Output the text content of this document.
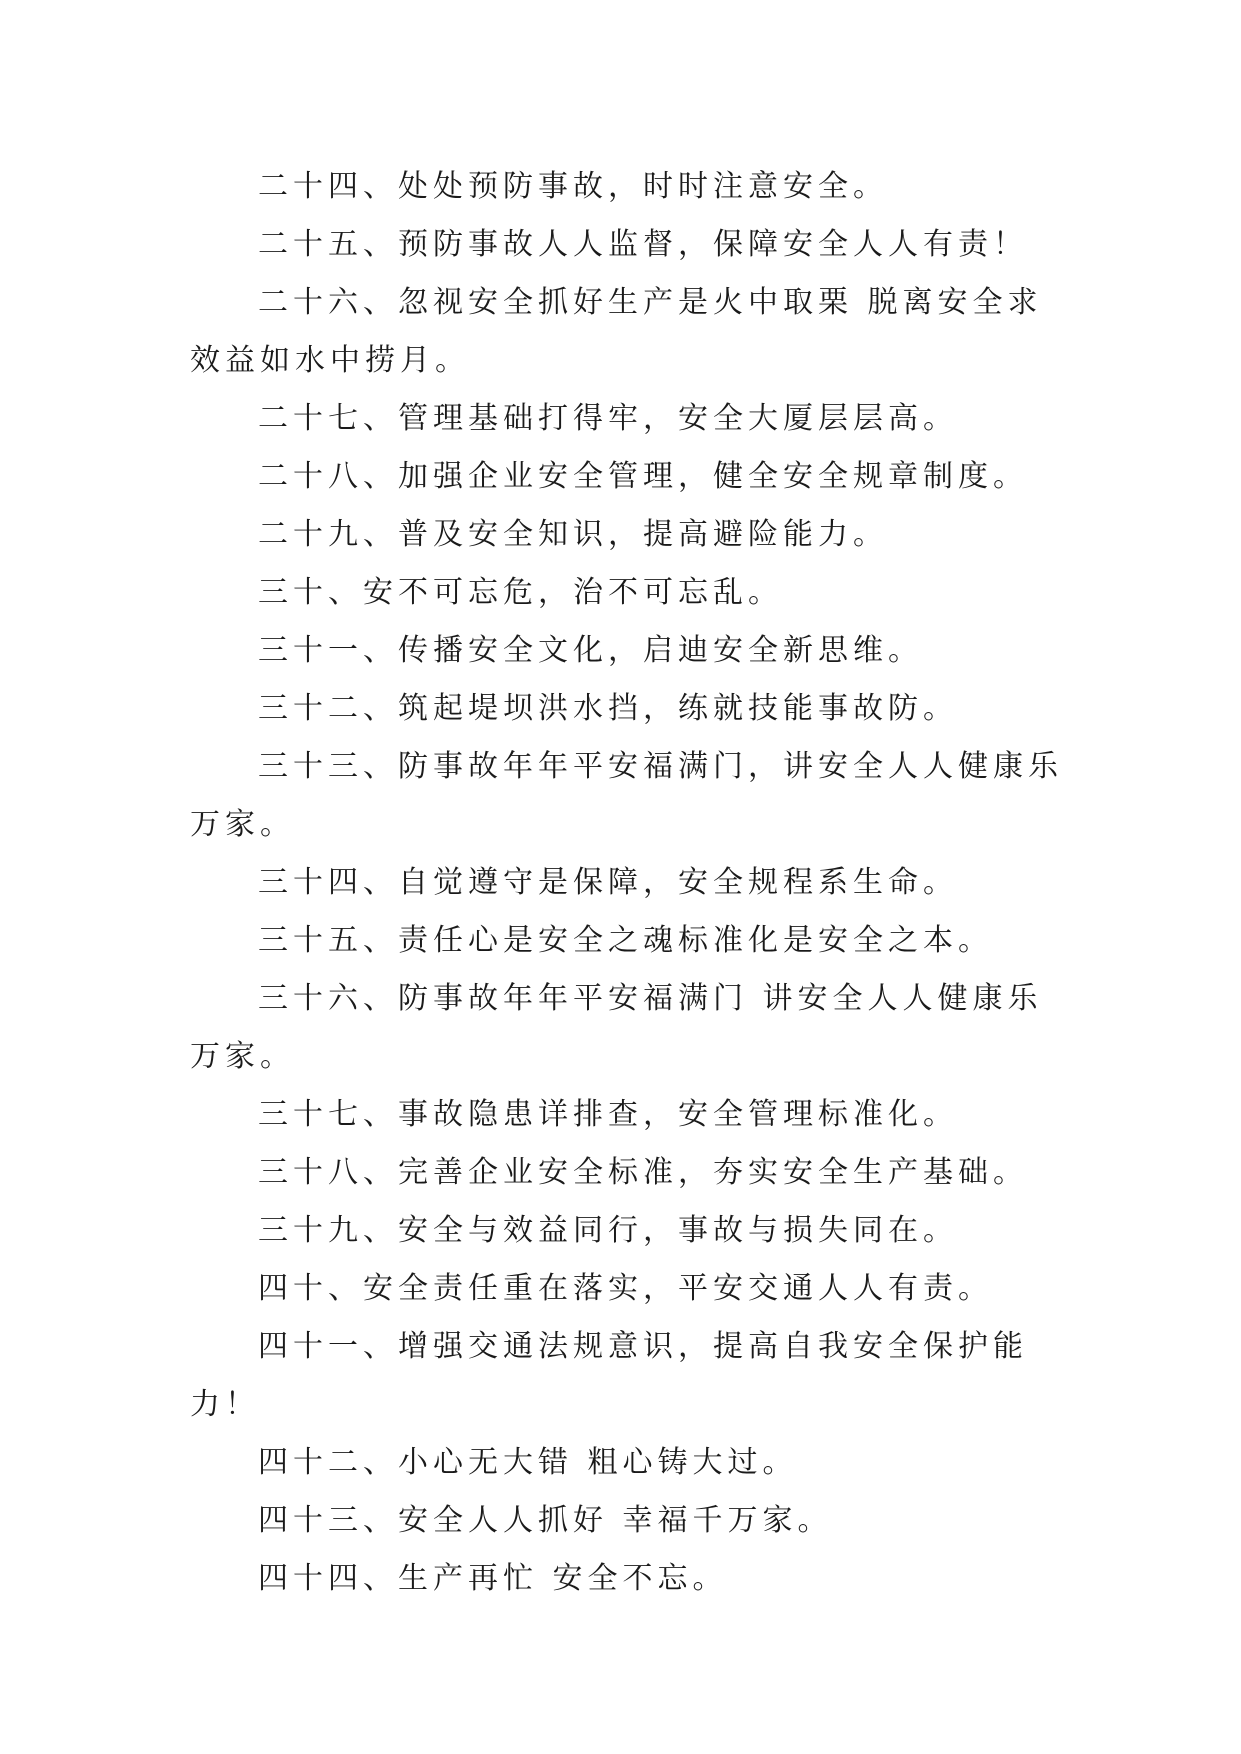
二十四、处处预防事故，时时注意安全。

二十五、预防事故人人监督，保障安全人人有责！

二十六、忽视安全抓好生产是火中取栗 脱离安全求效益如水中捞月。

二十七、管理基础打得牢，安全大厦层层高。

二十八、加强企业安全管理，健全安全规章制度。

二十九、普及安全知识，提高避险能力。

三十、安不可忘危，治不可忘乱。

三十一、传播安全文化，启迪安全新思维。

三十二、筑起堤坝洪水挡，练就技能事故防。

三十三、防事故年年平安福满门，讲安全人人健康乐万家。

三十四、自觉遵守是保障，安全规程系生命。

三十五、责任心是安全之魂标准化是安全之本。

三十六、防事故年年平安福满门 讲安全人人健康乐万家。

三十七、事故隐患详排查，安全管理标准化。

三十八、完善企业安全标准，夯实安全生产基础。

三十九、安全与效益同行，事故与损失同在。

四十、安全责任重在落实，平安交通人人有责。

四十一、增强交通法规意识，提高自我安全保护能力！

四十二、小心无大错 粗心铸大过。

四十三、安全人人抓好 幸福千万家。

四十四、生产再忙 安全不忘。
